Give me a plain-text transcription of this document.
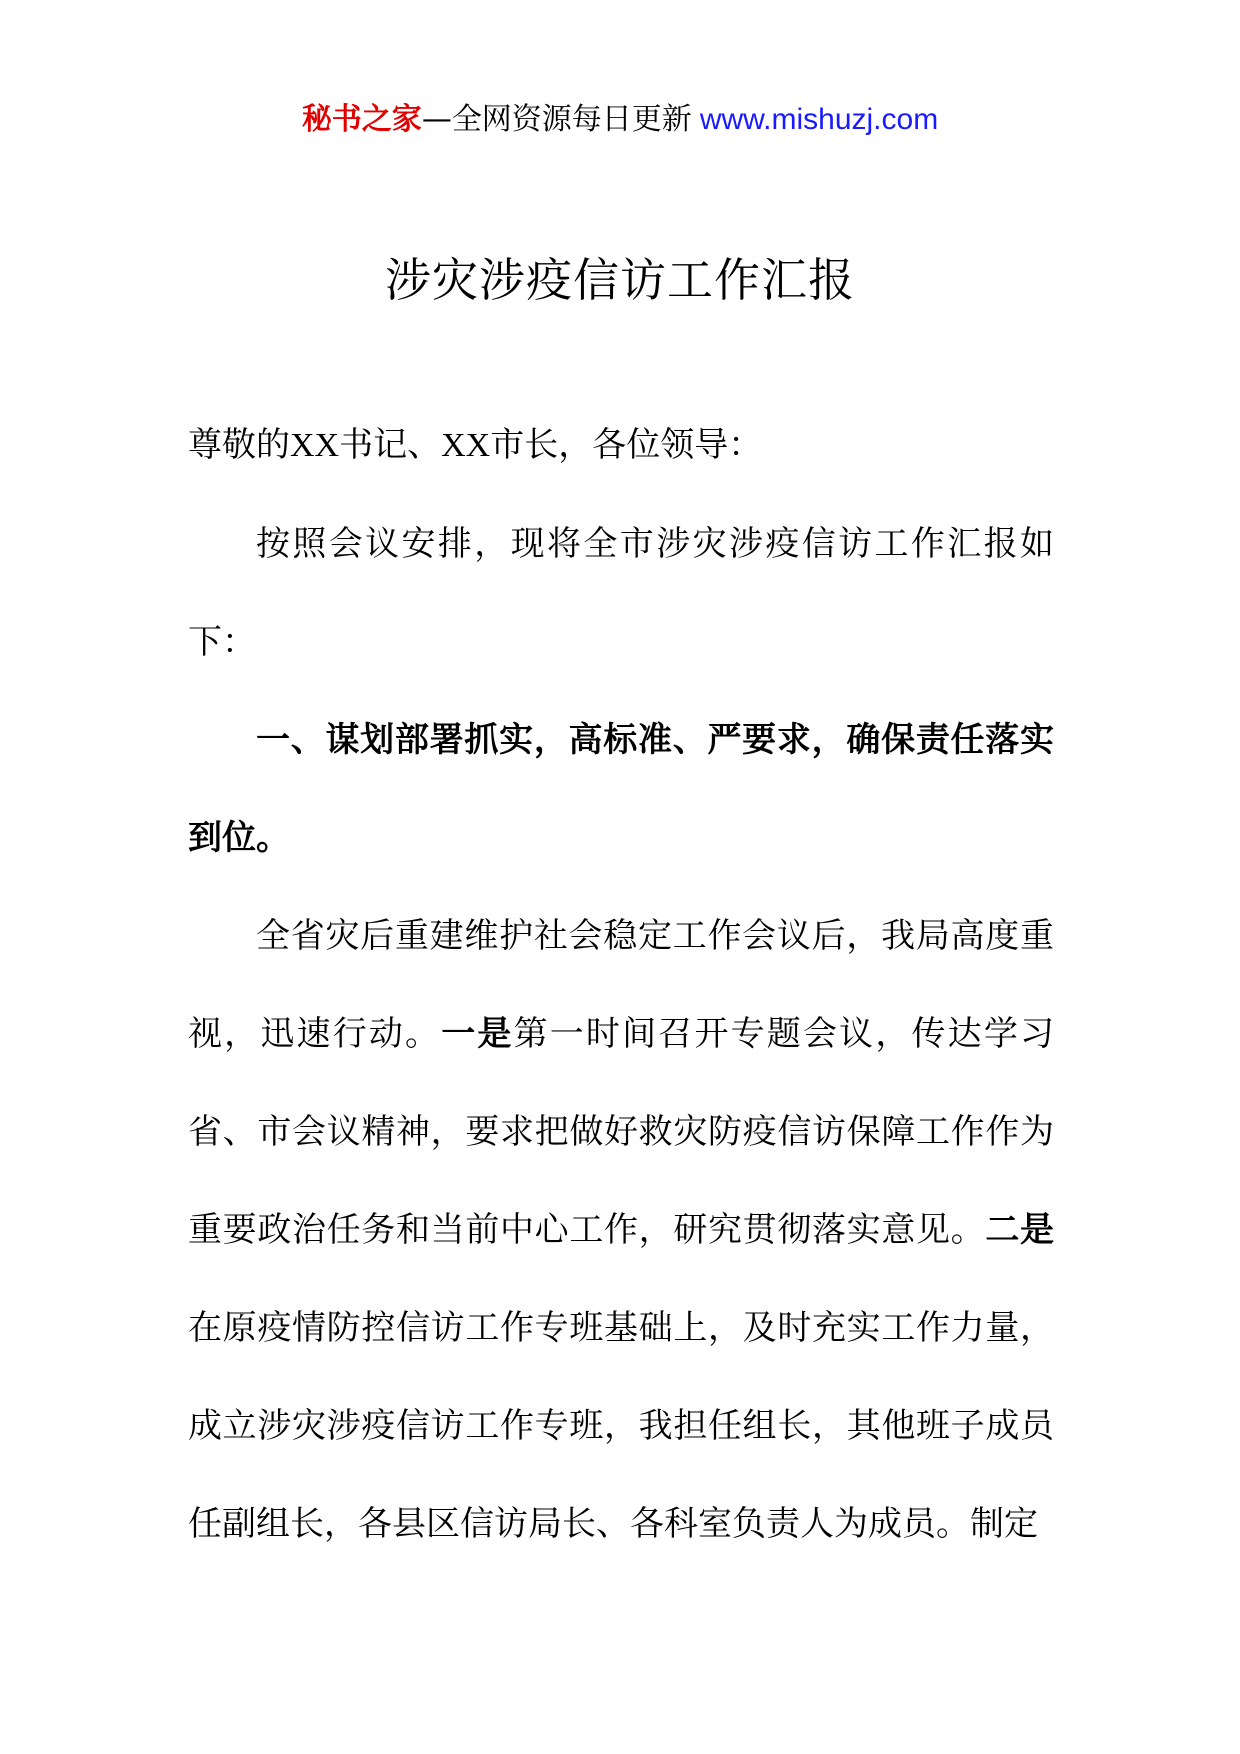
秘书之家—全网资源每日更新 www.mishuzj.com
涉灾涉疫信访工作汇报

尊敬的XX书记、XX市长，各位领导：

按照会议安排，现将全市涉灾涉疫信访工作汇报如下：

一、谋划部署抓实，高标准、严要求，确保责任落实到位。

全省灾后重建维护社会稳定工作会议后，我局高度重视，迅速行动。一是第一时间召开专题会议，传达学习省、市会议精神，要求把做好救灾防疫信访保障工作作为重要政治任务和当前中心工作，研究贯彻落实意见。二是在原疫情防控信访工作专班基础上，及时充实工作力量，成立涉灾涉疫信访工作专班，我担任组长，其他班子成员任副组长，各县区信访局长、各科室负责人为成员。制定
